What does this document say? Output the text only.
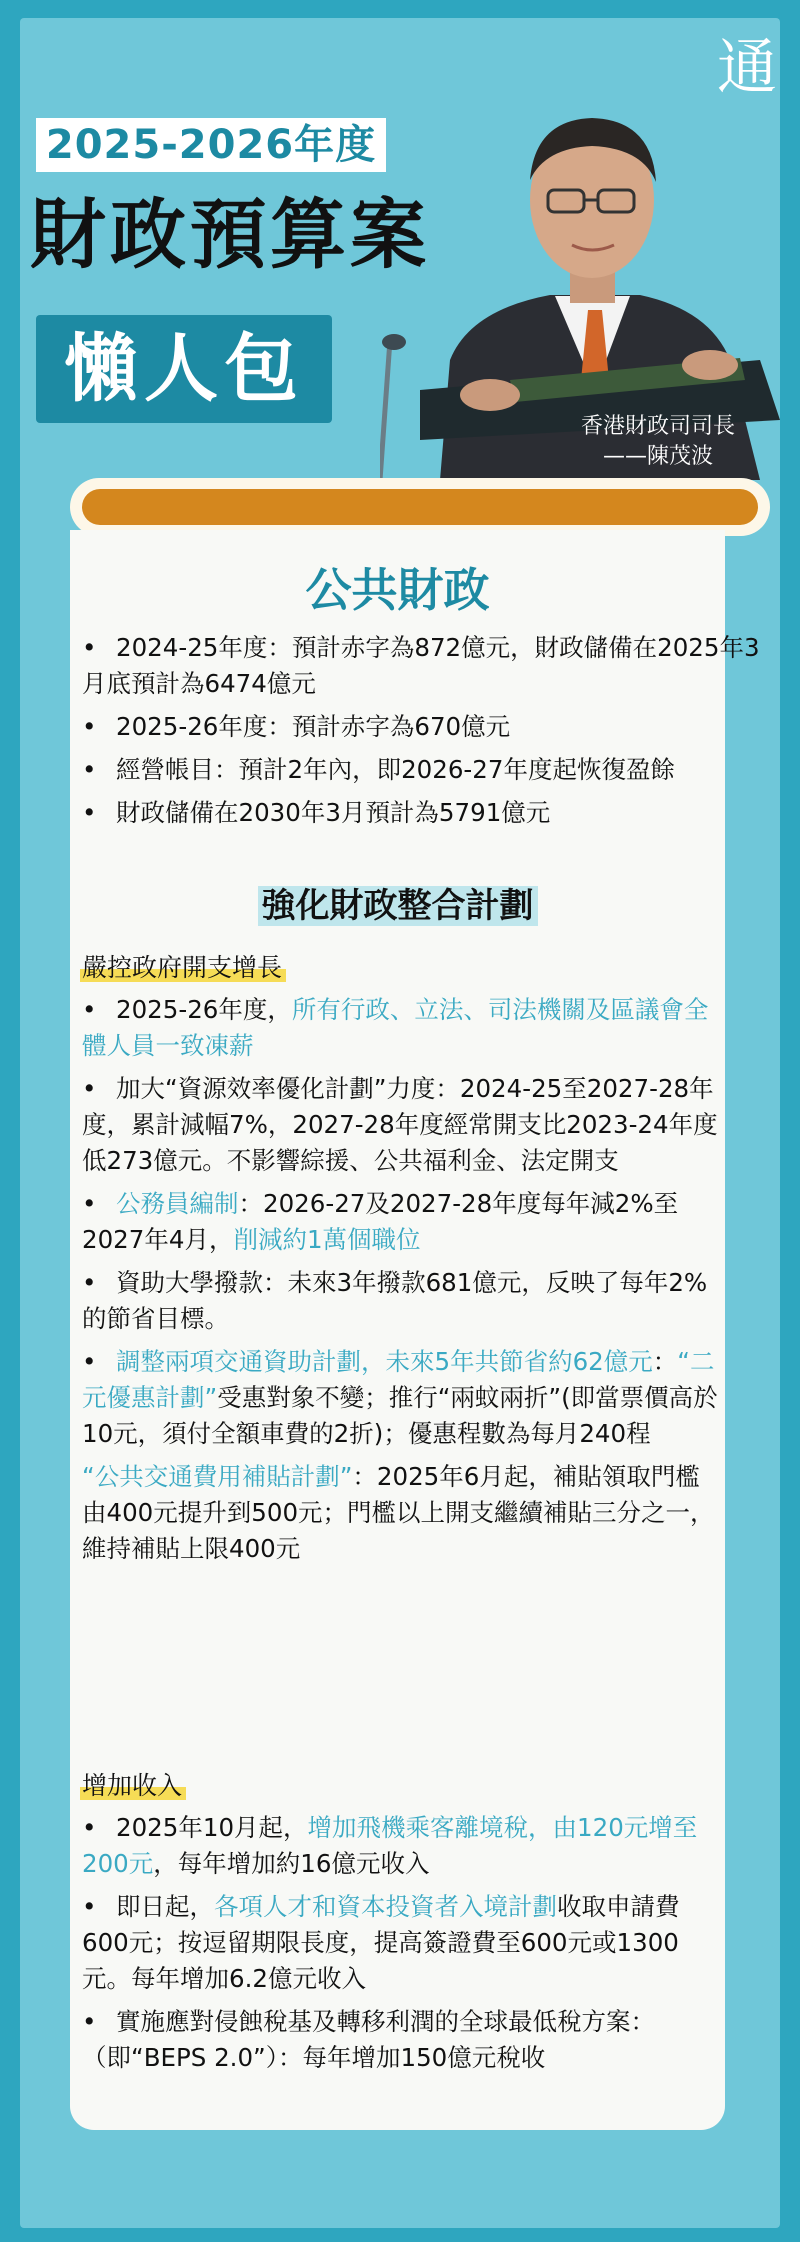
通
2025-2026年度
財政預算案
懶人包
香港財政司司長
——陳茂波
公共財政
• 2024-25年度：預計赤字為872億元，財政儲備在2025年3月底預計為6474億元
• 2025-26年度：預計赤字為670億元
• 經營帳目：預計2年內，即2026-27年度起恢復盈餘
• 財政儲備在2030年3月預計為5791億元
強化財政整合計劃
嚴控政府開支增長
• 2025-26年度，所有行政、立法、司法機關及區議會全體人員一致凍薪
• 加大“資源效率優化計劃”力度：2024-25至2027-28年度，累計減幅7%，2027-28年度經常開支比2023-24年度低273億元。不影響綜援、公共福利金、法定開支
• 公務員編制：2026-27及2027-28年度每年減2%至2027年4月，削減約1萬個職位
• 資助大學撥款：未來3年撥款681億元，反映了每年2%的節省目標。
• 調整兩項交通資助計劃，未來5年共節省約62億元：“二元優惠計劃”受惠對象不變；推行“兩蚊兩折”(即當票價高於10元，須付全額車費的2折)；優惠程數為每月240程
“公共交通費用補貼計劃”：2025年6月起，補貼領取門檻由400元提升到500元；門檻以上開支繼續補貼三分之一，維持補貼上限400元
增加收入
• 2025年10月起，增加飛機乘客離境稅，由120元增至200元，每年增加約16億元收入
• 即日起，各項人才和資本投資者入境計劃收取申請費600元；按逗留期限長度，提高簽證費至600元或1300元。每年增加6.2億元收入
• 實施應對侵蝕稅基及轉移利潤的全球最低稅方案：（即“BEPS 2.0”）：每年增加150億元稅收
